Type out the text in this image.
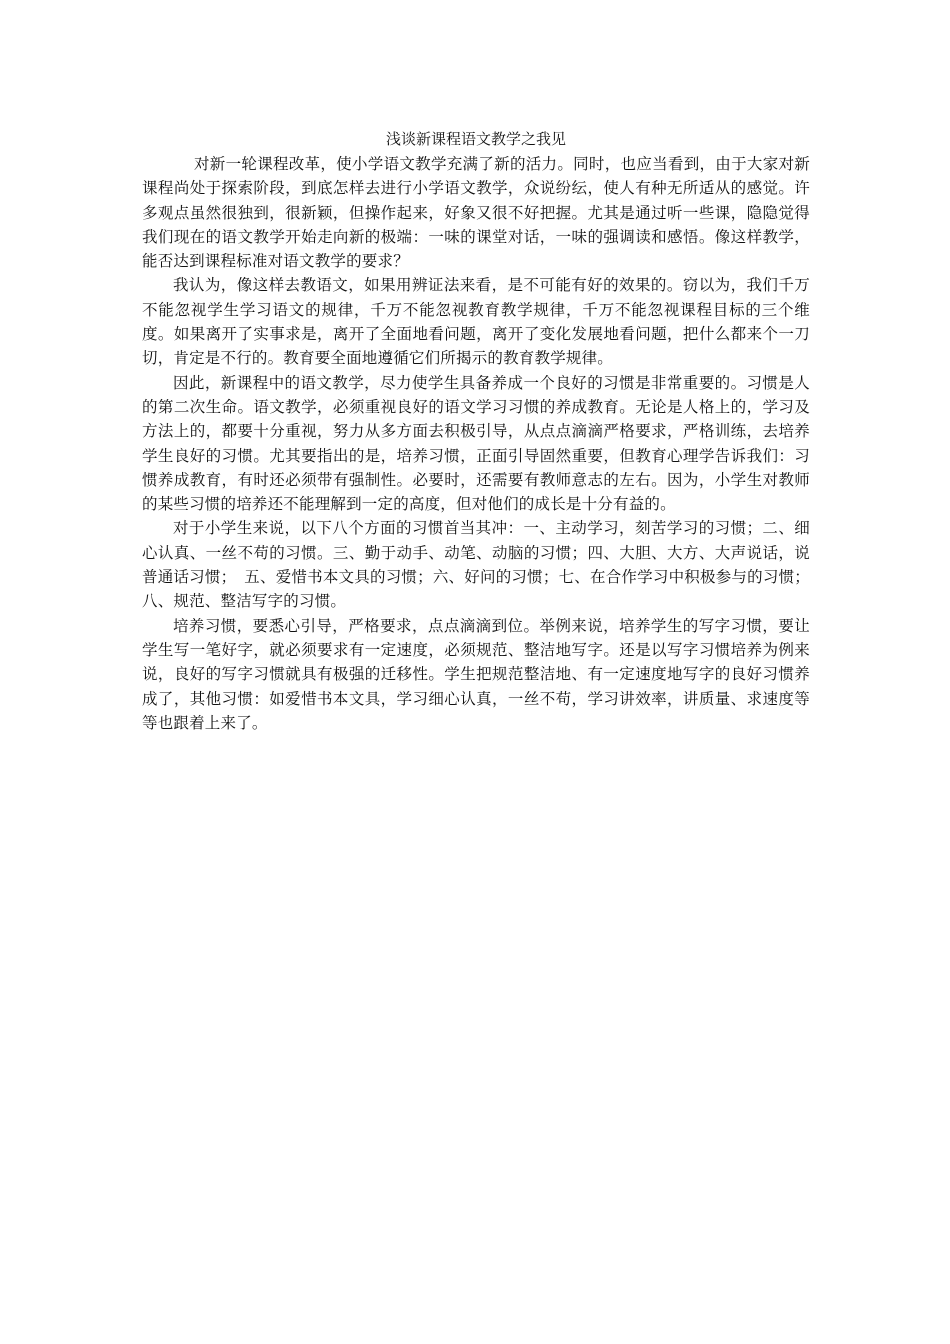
浅谈新课程语文教学之我见

对新一轮课程改革，使小学语文教学充满了新的活力。同时，也应当看到，由于大家对新课程尚处于探索阶段，到底怎样去进行小学语文教学，众说纷纭，使人有种无所适从的感觉。许多观点虽然很独到，很新颖，但操作起来，好象又很不好把握。尤其是通过听一些课，隐隐觉得我们现在的语文教学开始走向新的极端：一味的课堂对话，一味的强调读和感悟。像这样教学，能否达到课程标准对语文教学的要求？

我认为，像这样去教语文，如果用辨证法来看，是不可能有好的效果的。窃以为，我们千万不能忽视学生学习语文的规律，千万不能忽视教育教学规律，千万不能忽视课程目标的三个维度。如果离开了实事求是，离开了全面地看问题，离开了变化发展地看问题，把什么都来个一刀切，肯定是不行的。教育要全面地遵循它们所揭示的教育教学规律。

因此，新课程中的语文教学，尽力使学生具备养成一个良好的习惯是非常重要的。习惯是人的第二次生命。语文教学，必须重视良好的语文学习习惯的养成教育。无论是人格上的，学习及方法上的，都要十分重视，努力从多方面去积极引导，从点点滴滴严格要求，严格训练，去培养学生良好的习惯。尤其要指出的是，培养习惯，正面引导固然重要，但教育心理学告诉我们：习惯养成教育，有时还必须带有强制性。必要时，还需要有教师意志的左右。因为，小学生对教师的某些习惯的培养还不能理解到一定的高度，但对他们的成长是十分有益的。

对于小学生来说，以下八个方面的习惯首当其冲：一、主动学习，刻苦学习的习惯；二、细心认真、一丝不苟的习惯。三、勤于动手、动笔、动脑的习惯；四、大胆、大方、大声说话，说普通话习惯；　五、爱惜书本文具的习惯；六、好问的习惯；七、在合作学习中积极参与的习惯；八、规范、整洁写字的习惯。

培养习惯，要悉心引导，严格要求，点点滴滴到位。举例来说，培养学生的写字习惯，要让学生写一笔好字，就必须要求有一定速度，必须规范、整洁地写字。还是以写字习惯培养为例来说，良好的写字习惯就具有极强的迁移性。学生把规范整洁地、有一定速度地写字的良好习惯养成了，其他习惯：如爱惜书本文具，学习细心认真，一丝不苟，学习讲效率，讲质量、求速度等等也跟着上来了。
